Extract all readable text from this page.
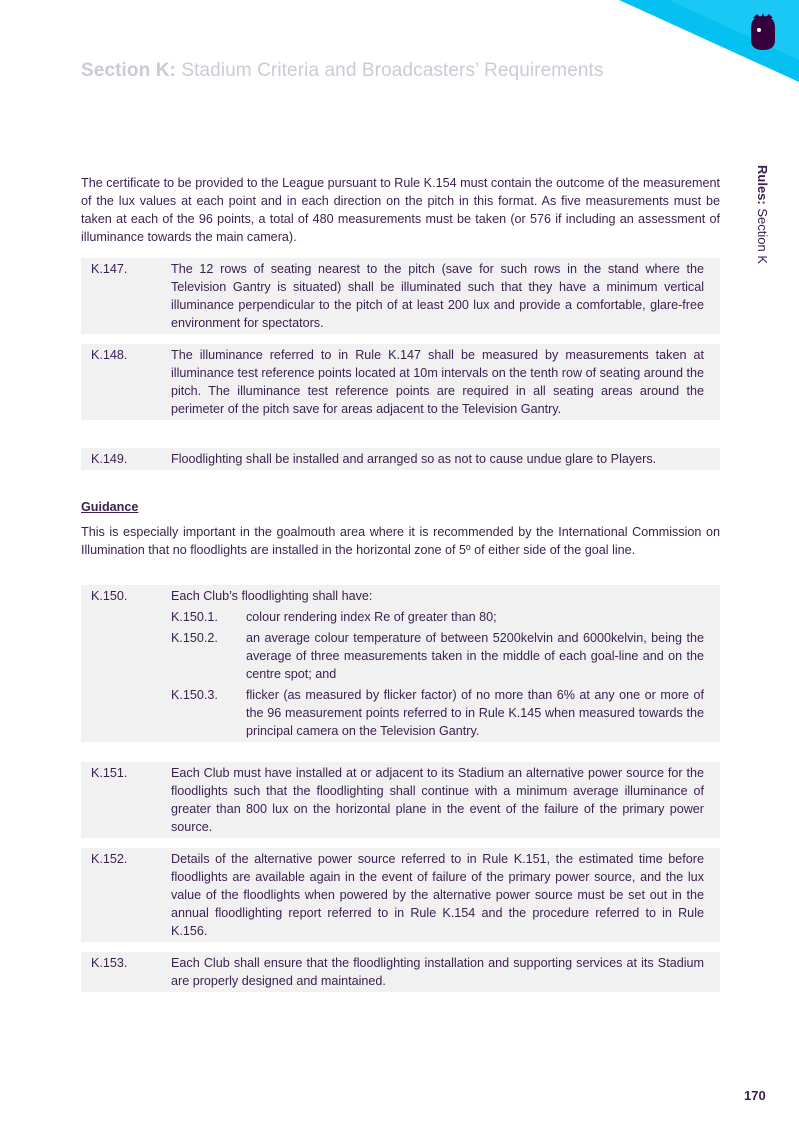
Section K: Stadium Criteria and Broadcasters’ Requirements
Rules: Section K

The certificate to be provided to the League pursuant to Rule K.154 must contain the outcome of the measurement of the lux values at each point and in each direction on the pitch in this format. As five measurements must be taken at each of the 96 points, a total of 480 measurements must be taken (or 576 if including an assessment of illuminance towards the main camera).

K.147.	The 12 rows of seating nearest to the pitch (save for such rows in the stand where the Television Gantry is situated) shall be illuminated such that they have a minimum vertical illuminance perpendicular to the pitch of at least 200 lux and provide a comfortable, glare-free environment for spectators.
K.148.	The illuminance referred to in Rule K.147 shall be measured by measurements taken at illuminance test reference points located at 10m intervals on the tenth row of seating around the pitch. The illuminance test reference points are required in all seating areas around the perimeter of the pitch save for areas adjacent to the Television Gantry.
K.149.	Floodlighting shall be installed and arranged so as not to cause undue glare to Players.

Guidance

This is especially important in the goalmouth area where it is recommended by the International Commission on Illumination that no floodlights are installed in the horizontal zone of 5º of either side of the goal line.

K.150.	Each Club’s floodlighting shall have:
K.150.1.	colour rendering index Re of greater than 80;
K.150.2.	an average colour temperature of between 5200kelvin and 6000kelvin, being the average of three measurements taken in the middle of each goal-line and on the centre spot; and
K.150.3.	flicker (as measured by flicker factor) of no more than 6% at any one or more of the 96 measurement points referred to in Rule K.145 when measured towards the principal camera on the Television Gantry.
K.151.	Each Club must have installed at or adjacent to its Stadium an alternative power source for the floodlights such that the floodlighting shall continue with a minimum average illuminance of greater than 800 lux on the horizontal plane in the event of the failure of the primary power source.
K.152.	Details of the alternative power source referred to in Rule K.151, the estimated time before floodlights are available again in the event of failure of the primary power source, and the lux value of the floodlights when powered by the alternative power source must be set out in the annual floodlighting report referred to in Rule K.154 and the procedure referred to in Rule K.156.
K.153.	Each Club shall ensure that the floodlighting installation and supporting services at its Stadium are properly designed and maintained.
170
